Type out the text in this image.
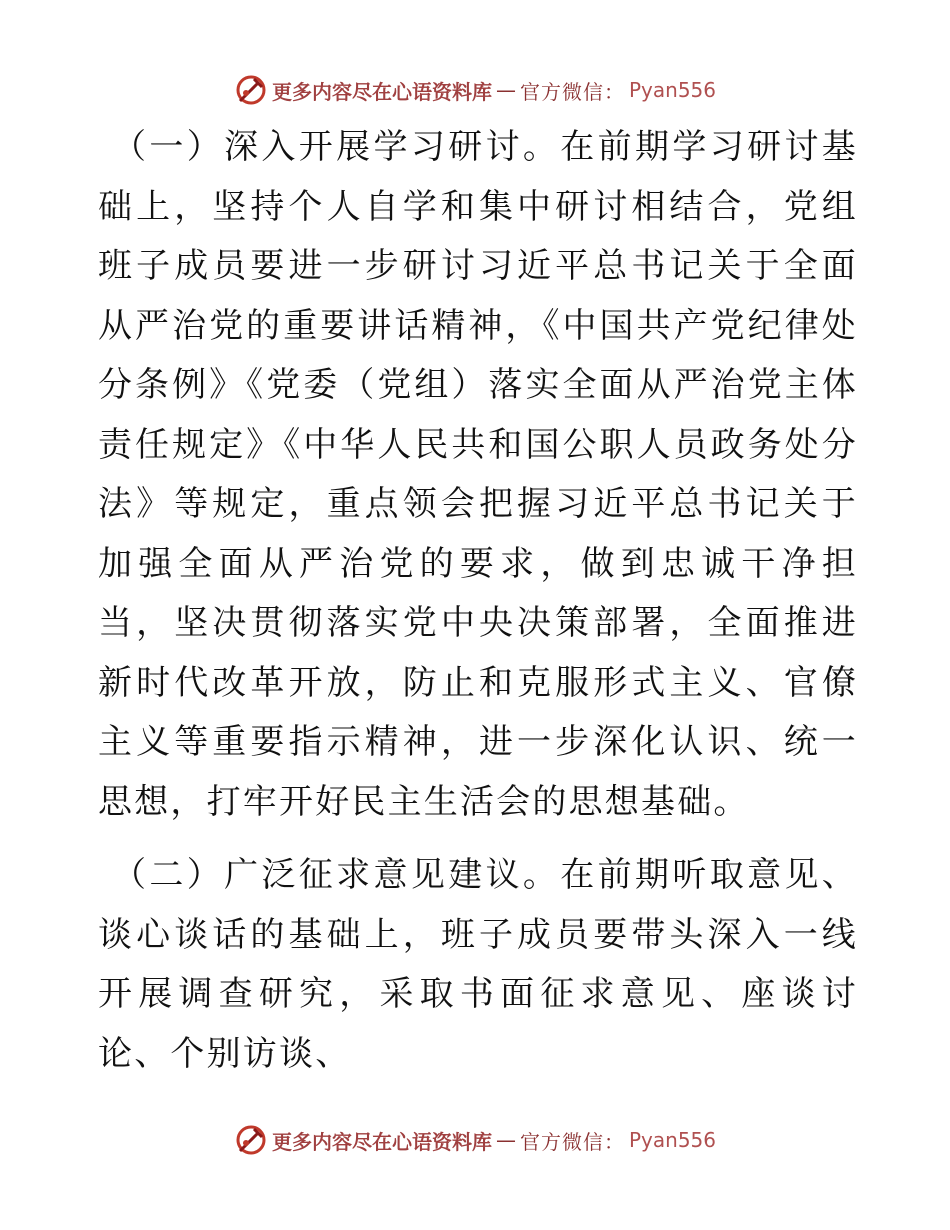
更多内容尽在心语资料库 — 官方微信： Pyan556

（一）深入开展学习研讨。在前期学习研讨基础上，坚持个人自学和集中研讨相结合，党组班子成员要进一步研讨习近平总书记关于全面从严治党的重要讲话精神，《中国共产党纪律处分条例》《党委（党组）落实全面从严治党主体责任规定》《中华人民共和国公职人员政务处分法》等规定，重点领会把握习近平总书记关于加强全面从严治党的要求，做到忠诚干净担当，坚决贯彻落实党中央决策部署，全面推进新时代改革开放，防止和克服形式主义、官僚主义等重要指示精神，进一步深化认识、统一思想，打牢开好民主生活会的思想基础。

（二）广泛征求意见建议。在前期听取意见、谈心谈话的基础上，班子成员要带头深入一线开展调查研究，采取书面征求意见、座谈讨论、个别访谈、

更多内容尽在心语资料库 — 官方微信： Pyan556
